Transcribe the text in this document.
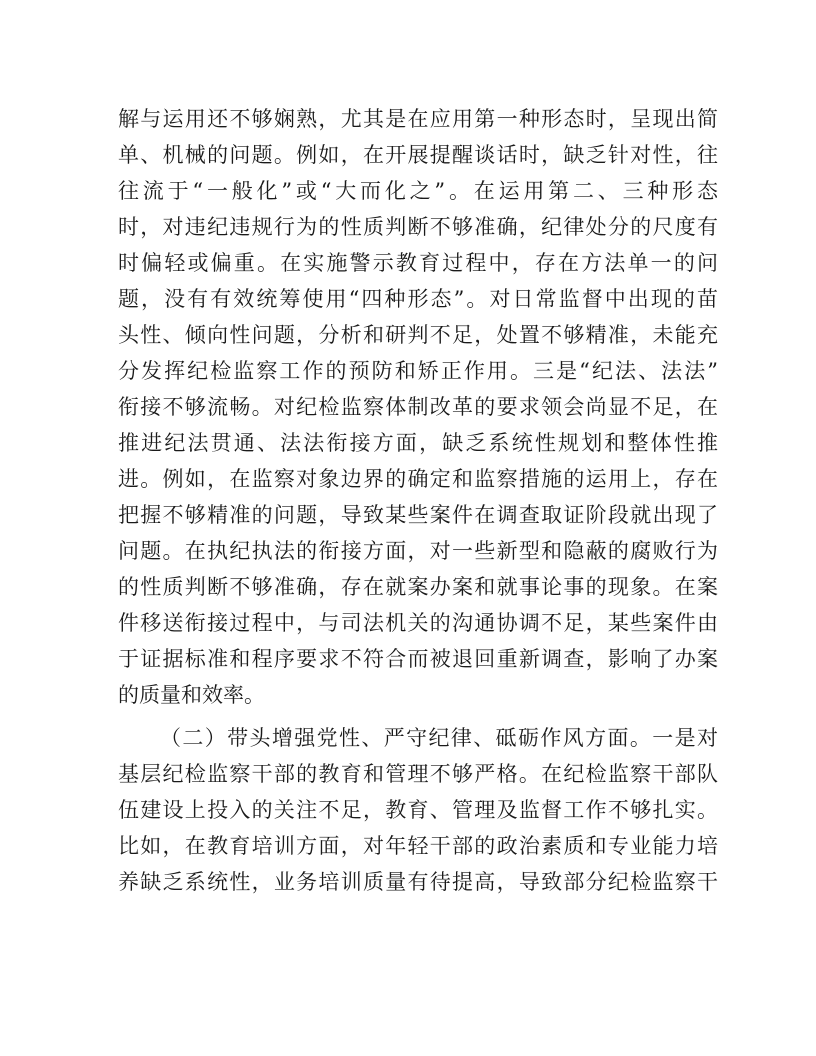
解与运用还不够娴熟，尤其是在应用第一种形态时，呈现出简
单、机械的问题。例如，在开展提醒谈话时，缺乏针对性，往
往流于“一般化”或“大而化之”。在运用第二、三种形态
时，对违纪违规行为的性质判断不够准确，纪律处分的尺度有
时偏轻或偏重。在实施警示教育过程中，存在方法单一的问
题，没有有效统筹使用“四种形态”。对日常监督中出现的苗
头性、倾向性问题，分析和研判不足，处置不够精准，未能充
分发挥纪检监察工作的预防和矫正作用。三是“纪法、法法”
衔接不够流畅。对纪检监察体制改革的要求领会尚显不足，在
推进纪法贯通、法法衔接方面，缺乏系统性规划和整体性推
进。例如，在监察对象边界的确定和监察措施的运用上，存在
把握不够精准的问题，导致某些案件在调查取证阶段就出现了
问题。在执纪执法的衔接方面，对一些新型和隐蔽的腐败行为
的性质判断不够准确，存在就案办案和就事论事的现象。在案
件移送衔接过程中，与司法机关的沟通协调不足，某些案件由
于证据标准和程序要求不符合而被退回重新调查，影响了办案
的质量和效率。
（二）带头增强党性、严守纪律、砥砺作风方面。一是对
基层纪检监察干部的教育和管理不够严格。在纪检监察干部队
伍建设上投入的关注不足，教育、管理及监督工作不够扎实。
比如，在教育培训方面，对年轻干部的政治素质和专业能力培
养缺乏系统性，业务培训质量有待提高，导致部分纪检监察干
